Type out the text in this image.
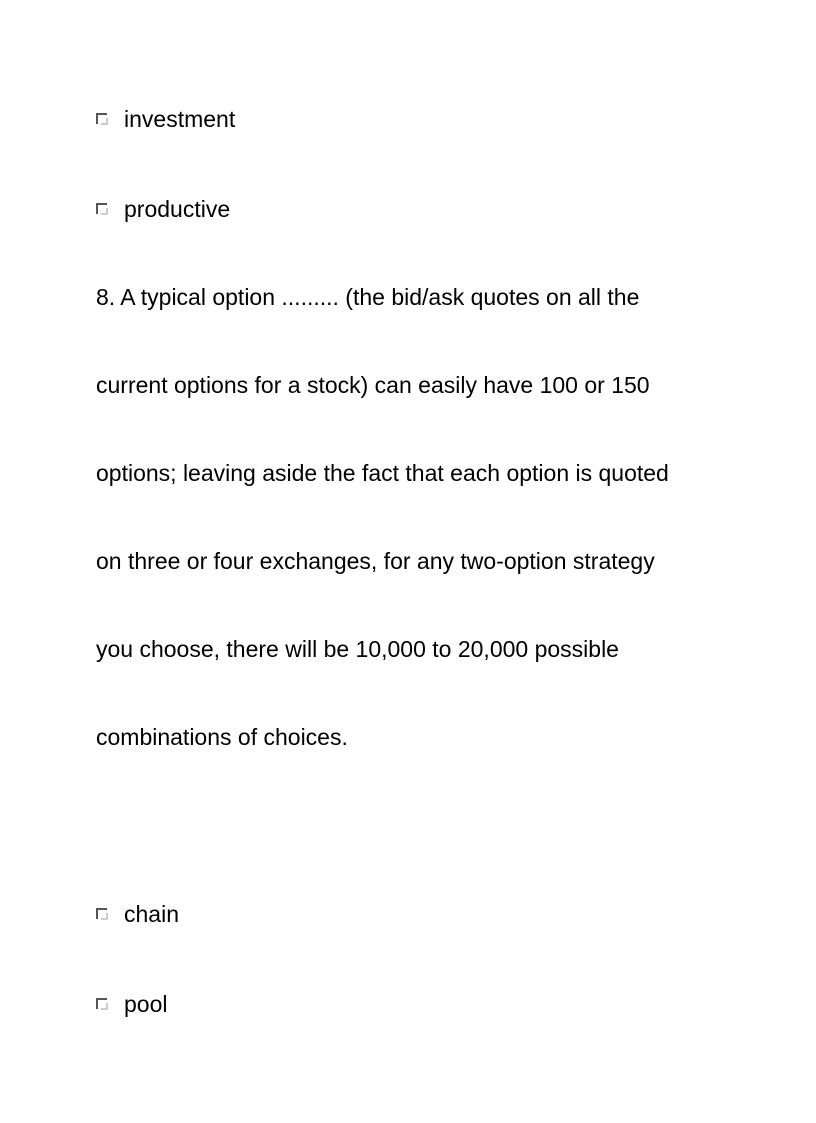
investment
productive
8. A typical option ......... (the bid/ask quotes on all the
current options for a stock) can easily have 100 or 150
options; leaving aside the fact that each option is quoted
on three or four exchanges, for any two-option strategy
you choose, there will be 10,000 to 20,000 possible
combinations of choices.
chain
pool
